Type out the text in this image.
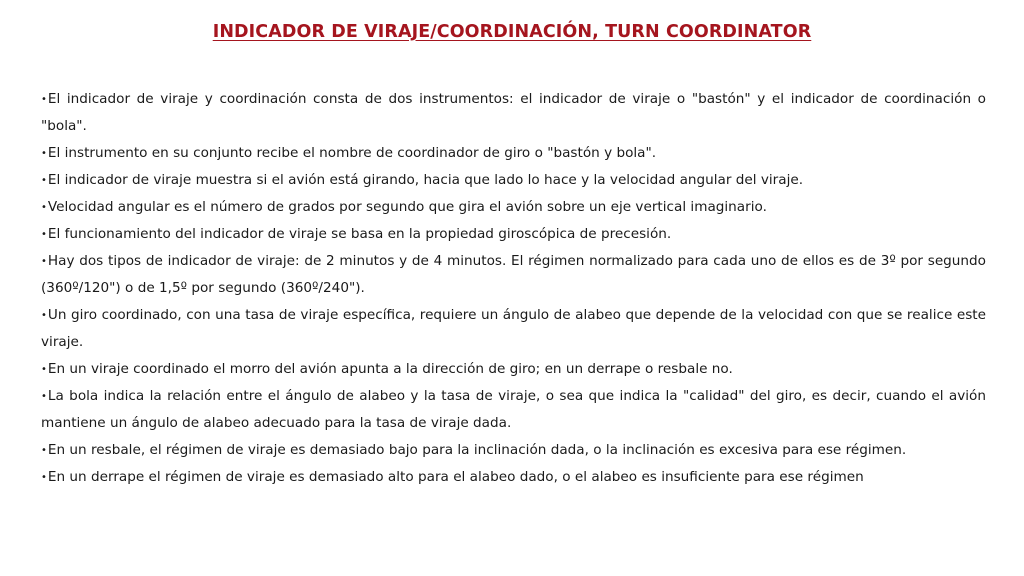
INDICADOR DE VIRAJE/COORDINACIÓN, TURN COORDINATOR
•El indicador de viraje y coordinación consta de dos instrumentos: el indicador de viraje o "bastón" y el indicador de coordinación o "bola".
•El instrumento en su conjunto recibe el nombre de coordinador de giro o "bastón y bola".
•El indicador de viraje muestra si el avión está girando, hacia que lado lo hace y la velocidad angular del viraje.
•Velocidad angular es el número de grados por segundo que gira el avión sobre un eje vertical imaginario.
•El funcionamiento del indicador de viraje se basa en la propiedad giroscópica de precesión.
•Hay dos tipos de indicador de viraje: de 2 minutos y de 4 minutos. El régimen normalizado para cada uno de ellos es de 3º por segundo (360º/120") o de 1,5º por segundo (360º/240").
•Un giro coordinado, con una tasa de viraje específica, requiere un ángulo de alabeo que depende de la velocidad con que se realice este viraje.
•En un viraje coordinado el morro del avión apunta a la dirección de giro; en un derrape o resbale no.
•La bola indica la relación entre el ángulo de alabeo y la tasa de viraje, o sea que indica la "calidad" del giro, es decir, cuando el avión mantiene un ángulo de alabeo adecuado para la tasa de viraje dada.
•En un resbale, el régimen de viraje es demasiado bajo para la inclinación dada, o la inclinación es excesiva para ese régimen.
•En un derrape el régimen de viraje es demasiado alto para el alabeo dado, o el alabeo es insuficiente para ese régimen
